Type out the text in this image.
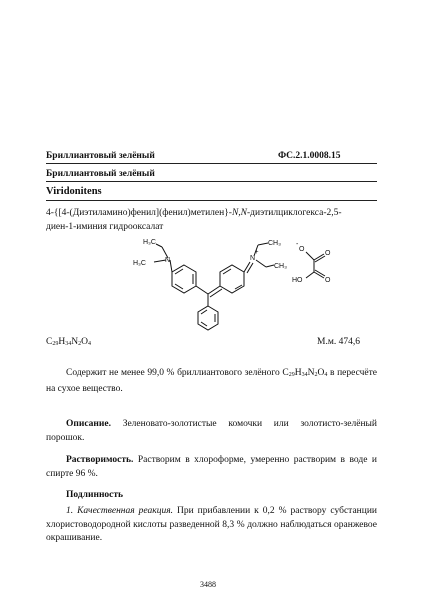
Бриллиантовый зелёный	ФС.2.1.0008.15
Бриллиантовый зелёный
Viridonitens
4-{[4-(Диэтиламино)фенил](фенил)метилен}-N,N-диэтилциклогекса-2,5-
диен-1-иминия гидрооксалат
H₃C
H₃C	N	N
+
CH₃
CH₃
O
-
O
O
HO
$C_{29}H_{34}N_2O_4$	М.м. 474,6
Содержит не менее 99,0 % бриллиантового зелёного $C_{29}H_{34}N_2O_4$ в пересчёте на сухое вещество.
Описание. Зеленовато-золотистые комочки или золотисто-зелёный порошок.
Растворимость. Растворим в хлороформе, умеренно растворим в воде и спирте 96 %.
Подлинность
1. Качественная реакция. При прибавлении к 0,2 % раствору субстанции хлористоводородной кислоты разведенной 8,3 % должно наблюдаться оранжевое окрашивание.
3488
